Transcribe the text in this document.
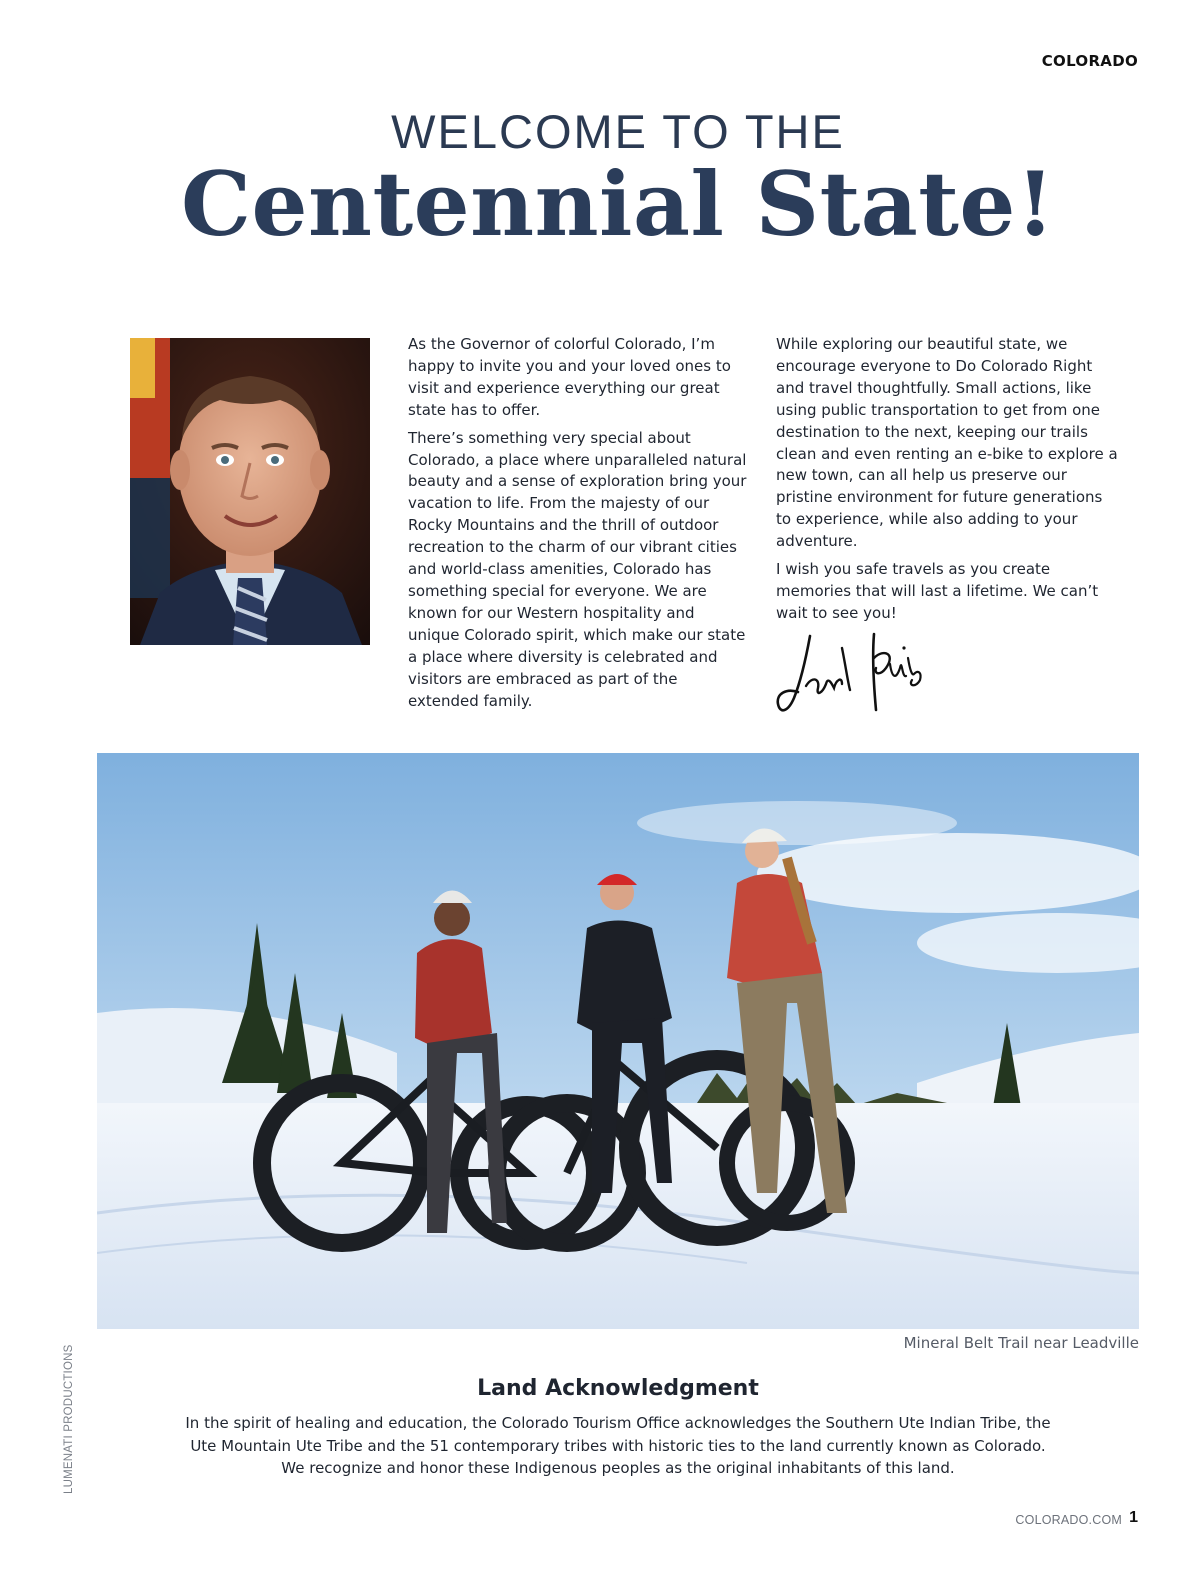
COLORADO
WELCOME TO THE
Centennial State!

As the Governor of colorful Colorado, I’m happy to invite you and your loved ones to visit and experience everything our great state has to offer.

There’s something very special about Colorado, a place where unparalleled natural beauty and a sense of exploration bring your vacation to life. From the majesty of our Rocky Mountains and the thrill of outdoor recreation to the charm of our vibrant cities and world-class amenities, Colorado has something special for everyone. We are known for our Western hospitality and unique Colorado spirit, which make our state a place where diversity is celebrated and visitors are embraced as part of the extended family.

While exploring our beautiful state, we encourage everyone to Do Colorado Right and travel thoughtfully. Small actions, like using public transportation to get from one destination to the next, keeping our trails clean and even renting an e-bike to explore a new town, can all help us preserve our pristine environment for future generations to experience, while also adding to your adventure.

I wish you safe travels as you create memories that will last a lifetime. We can’t wait to see you!

Mineral Belt Trail near Leadville
LUMENATI PRODUCTIONS	Land Acknowledgment
In the spirit of healing and education, the Colorado Tourism Office acknowledges the Southern Ute Indian Tribe, the Ute Mountain Ute Tribe and the 51 contemporary tribes with historic ties to the land currently known as Colorado. We recognize and honor these Indigenous peoples as the original inhabitants of this land.
COLORADO.COM 1
